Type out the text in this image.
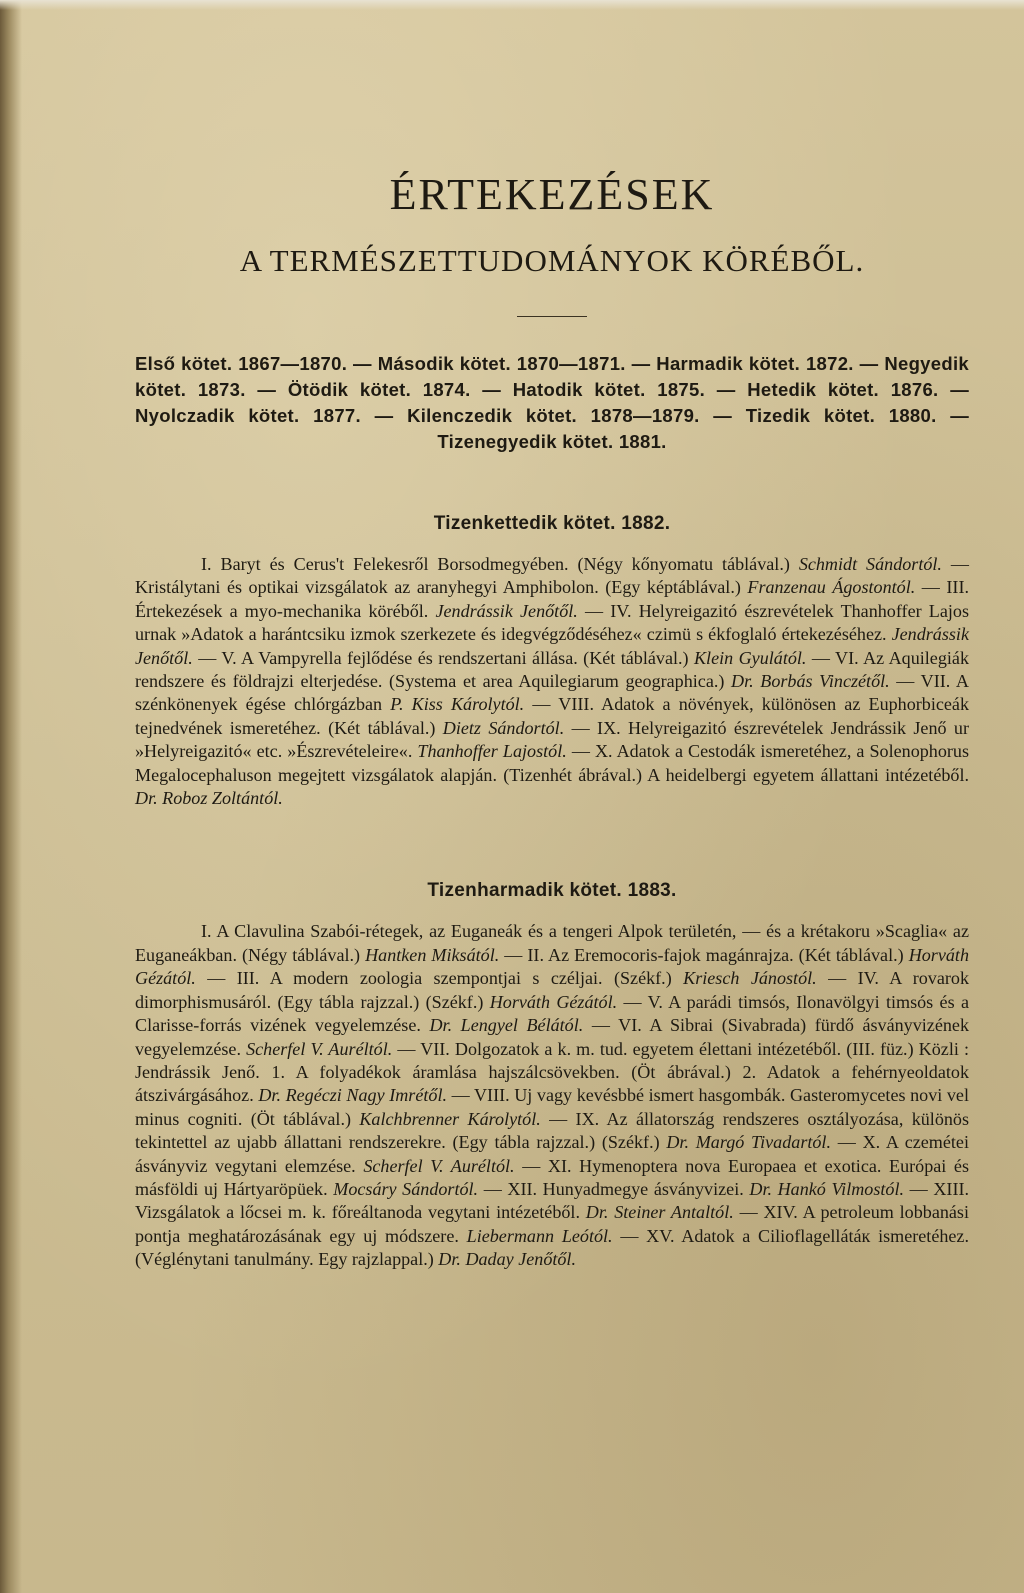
ÉRTEKEZÉSEK
A TERMÉSZETTUDOMÁNYOK KÖRÉBŐL.

Első kötet. 1867—1870. — Második kötet. 1870—1871. — Harmadik kötet. 1872. — Negyedik kötet. 1873. — Ötödik kötet. 1874. — Hatodik kötet. 1875. — Hetedik kötet. 1876. — Nyolczadik kötet. 1877. — Kilenczedik kötet. 1878—1879. — Tizedik kötet. 1880. — Tizenegyedik kötet. 1881.

Tizenkettedik kötet. 1882.

I. Baryt és Cerus't Felekesről Borsodmegyében. (Négy kőnyomatu táblával.) Schmidt Sándortól. — Kristálytani és optikai vizsgálatok az aranyhegyi Amphibolon. (Egy képtáblával.) Franzenau Ágostontól. — III. Értekezések a myo-mechanika köréből. Jendrássik Jenőtől. — IV. Helyreigazitó észrevételek Thanhoffer Lajos urnak »Adatok a harántcsiku izmok szerkezete és idegvégződéséhez« czimü s ékfoglaló értekezéséhez. Jendrássik Jenőtől. — V. A Vampyrella fejlődése és rendszertani állása. (Két táblával.) Klein Gyulától. — VI. Az Aquilegiák rendszere és földrajzi elterjedése. (Systema et area Aquilegiarum geographica.) Dr. Borbás Vinczétől. — VII. A szénkönenyek égése chlórgázban P. Kiss Károlytól. — VIII. Adatok a növények, különösen az Euphorbiceák tejnedvének ismeretéhez. (Két táblával.) Dietz Sándortól. — IX. Helyreigazitó észrevételek Jendrássik Jenő ur »Helyreigazitó« etc. »Észrevételeire«. Thanhoffer Lajostól. — X. Adatok a Cestodák ismeretéhez, a Solenophorus Megalocephaluson megejtett vizsgálatok alapján. (Tizenhét ábrával.) A heidelbergi egyetem állattani intézetéből. Dr. Roboz Zoltántól.

Tizenharmadik kötet. 1883.

I. A Clavulina Szabói-rétegek, az Euganeák és a tengeri Alpok területén, — és a krétakoru »Scaglia« az Euganeákban. (Négy táblával.) Hantken Miksától. — II. Az Eremocoris-fajok magánrajza. (Két táblával.) Horváth Gézától. — III. A modern zoologia szempontjai s czéljai. (Székf.) Kriesch Jánostól. — IV. A rovarok dimorphismusáról. (Egy tábla rajzzal.) (Székf.) Horváth Gézától. — V. A parádi timsós, Ilonavölgyi timsós és a Clarisse-forrás vizének vegyelemzése. Dr. Lengyel Bélától. — VI. A Sibrai (Sivabrada) fürdő ásványvizének vegyelemzése. Scherfel V. Auréltól. — VII. Dolgozatok a k. m. tud. egyetem élettani intézetéből. (III. füz.) Közli : Jendrássik Jenő. 1. A folyadékok áramlása hajszálcsövekben. (Öt ábrával.) 2. Adatok a fehérnyeoldatok átszivárgásához. Dr. Regéczi Nagy Imrétől. — VIII. Uj vagy kevésbbé ismert hasgombák. Gasteromycetes novi vel minus cogniti. (Öt táblával.) Kalchbrenner Károlytól. — IX. Az állatország rendszeres osztályozása, különös tekintettel az ujabb állattani rendszerekre. (Egy tábla rajzzal.) (Székf.) Dr. Margó Tivadartól. — X. A czemétei ásványviz vegytani elemzése. Scherfel V. Auréltól. — XI. Hymenoptera nova Europaea et exotica. Európai és másföldi uj Hártyaröpüek. Mocsáry Sándortól. — XII. Hunyadmegye ásványvizei. Dr. Hankó Vilmostól. — XIII. Vizsgálatok a lőcsei m. k. főreáltanoda vegytani intézetéből. Dr. Steiner Antaltól. — XIV. A petroleum lobbanási pontja meghatározásának egy uj módszere. Liebermann Leótól. — XV. Adatok a Cilioflagellátáк ismeretéhez. (Véglénytani tanulmány. Egy rajzlappal.) Dr. Daday Jenőtől.
